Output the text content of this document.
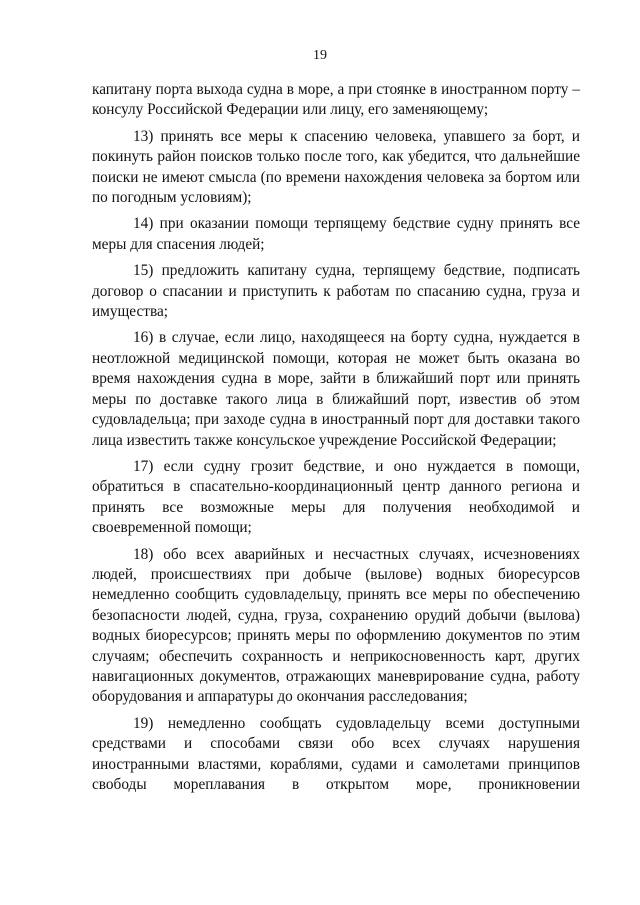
19

капитану порта выхода судна в море, а при стоянке в иностранном порту – консулу Российской Федерации или лицу, его заменяющему;

13) принять все меры к спасению человека, упавшего за борт, и покинуть район поисков только после того, как убедится, что дальнейшие поиски не имеют смысла (по времени нахождения человека за бортом или по погодным условиям);

14) при оказании помощи терпящему бедствие судну принять все меры для спасения людей;

15) предложить капитану судна, терпящему бедствие, подписать договор о спасании и приступить к работам по спасанию судна, груза и имущества;

16) в случае, если лицо, находящееся на борту судна, нуждается в неотложной медицинской помощи, которая не может быть оказана во время нахождения судна в море, зайти в ближайший порт или принять меры по доставке такого лица в ближайший порт, известив об этом судовладельца; при заходе судна в иностранный порт для доставки такого лица известить также консульское учреждение Российской Федерации;

17) если судну грозит бедствие, и оно нуждается в помощи, обратиться в спасательно-координационный центр данного региона и принять все возможные меры для получения необходимой и своевременной помощи;

18) обо всех аварийных и несчастных случаях, исчезновениях людей, происшествиях при добыче (вылове) водных биоресурсов немедленно сообщить судовладельцу, принять все меры по обеспечению безопасности людей, судна, груза, сохранению орудий добычи (вылова) водных биоресурсов; принять меры по оформлению документов по этим случаям; обеспечить сохранность и неприкосновенность карт, других навигационных документов, отражающих маневрирование судна, работу оборудования и аппаратуры до окончания расследования;

19) немедленно сообщать судовладельцу всеми доступными средствами и способами связи обо всех случаях нарушения иностранными властями, кораблями, судами и самолетами принципов свободы мореплавания в открытом море, проникновении
